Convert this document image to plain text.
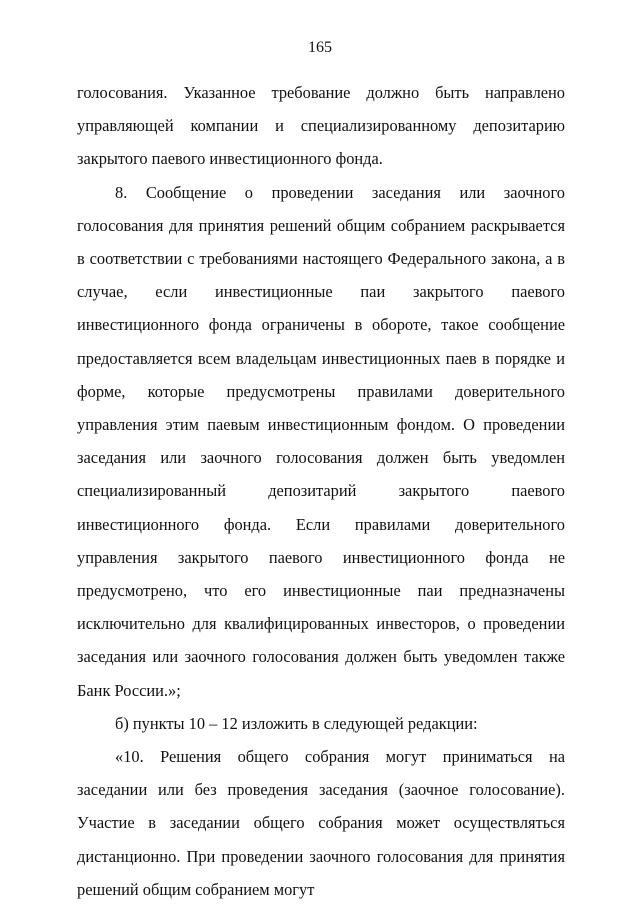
165

голосования. Указанное требование должно быть направлено управляющей компании и специализированному депозитарию закрытого паевого инвестиционного фонда.

8. Сообщение о проведении заседания или заочного голосования для принятия решений общим собранием раскрывается в соответствии с требованиями настоящего Федерального закона, а в случае, если инвестиционные паи закрытого паевого инвестиционного фонда ограничены в обороте, такое сообщение предоставляется всем владельцам инвестиционных паев в порядке и форме, которые предусмотрены правилами доверительного управления этим паевым инвестиционным фондом. О проведении заседания или заочного голосования должен быть уведомлен специализированный депозитарий закрытого паевого инвестиционного фонда. Если правилами доверительного управления закрытого паевого инвестиционного фонда не предусмотрено, что его инвестиционные паи предназначены исключительно для квалифицированных инвесторов, о проведении заседания или заочного голосования должен быть уведомлен также Банк России.»;

б) пункты 10 – 12 изложить в следующей редакции:

«10. Решения общего собрания могут приниматься на заседании или без проведения заседания (заочное голосование). Участие в заседании общего собрания может осуществляться дистанционно. При проведении заочного голосования для принятия решений общим собранием могут
